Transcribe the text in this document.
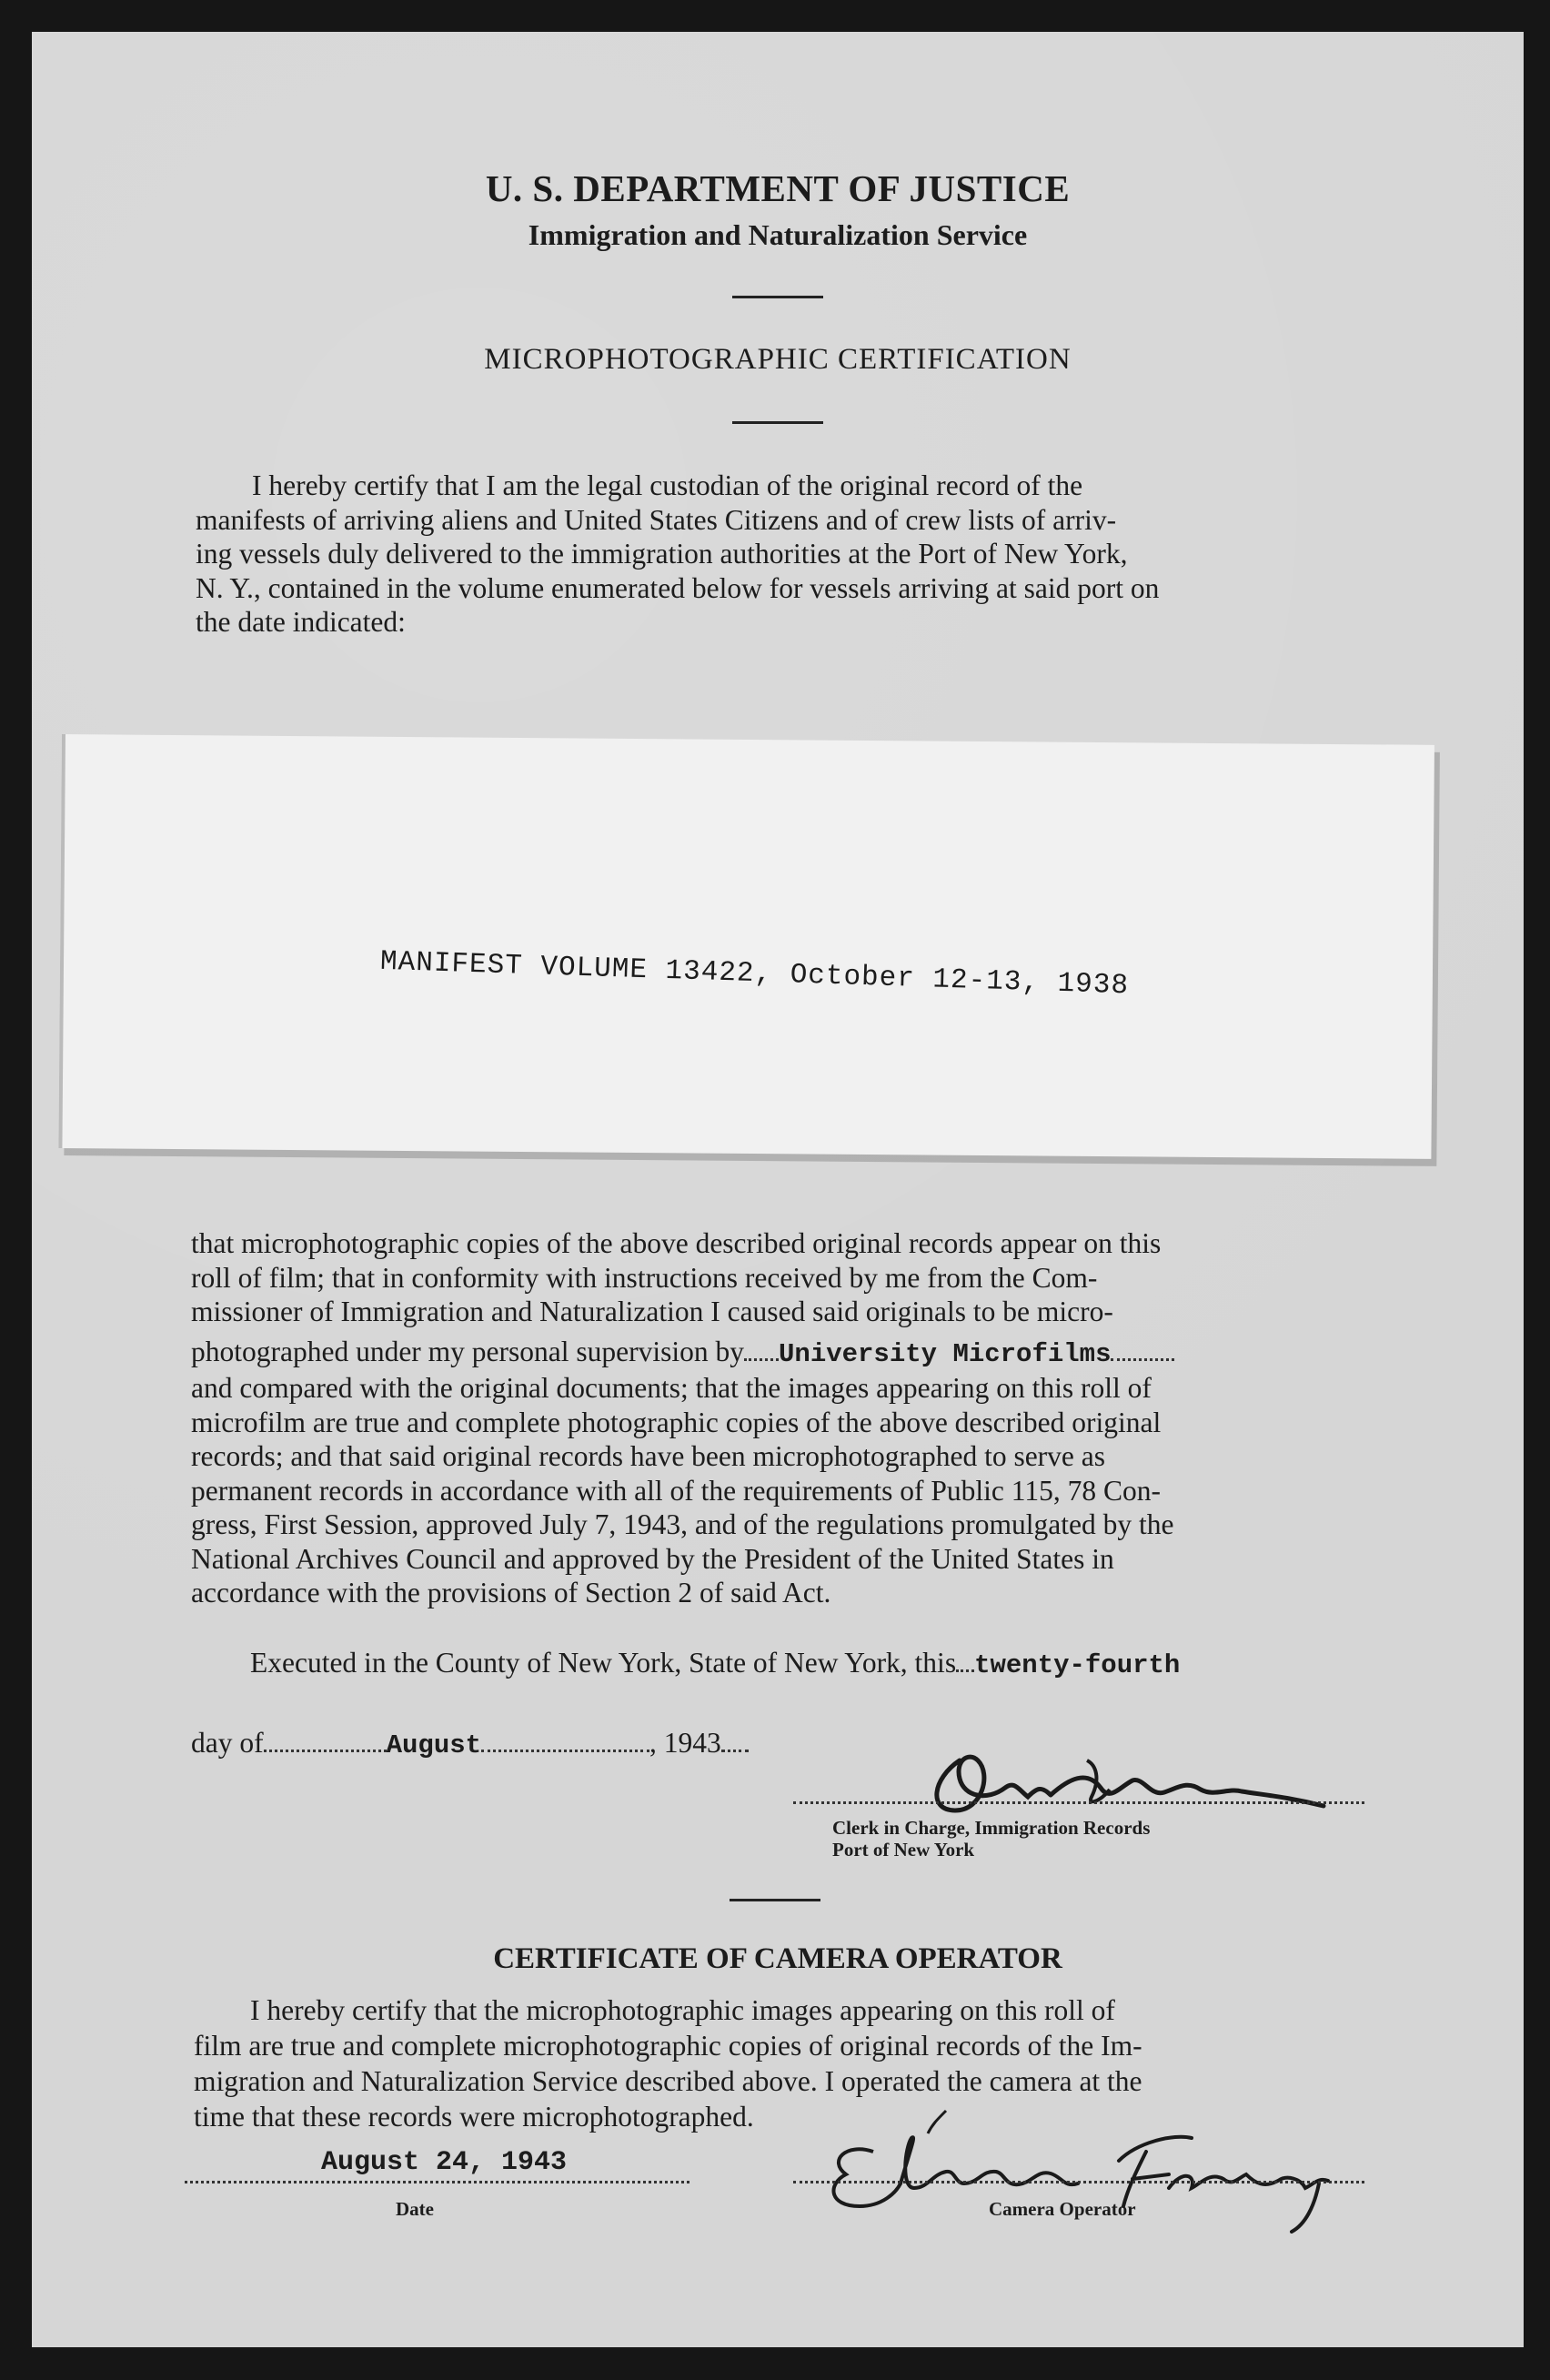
U. S. DEPARTMENT OF JUSTICE
Immigration and Naturalization Service
MICROPHOTOGRAPHIC CERTIFICATION

I hereby certify that I am the legal custodian of the original record of the

manifests of arriving aliens and United States Citizens and of crew lists of arriv-

ing vessels duly delivered to the immigration authorities at the Port of New York,

N. Y., contained in the volume enumerated below for vessels arriving at said port on

the date indicated:

MANIFEST VOLUME 13422, October 12-13, 1938

that microphotographic copies of the above described original records appear on this

roll of film; that in conformity with instructions received by me from the Com-

missioner of Immigration and Naturalization I caused said originals to be micro-

photographed under my personal supervision by University Microfilms

and compared with the original documents; that the images appearing on this roll of

microfilm are true and complete photographic copies of the above described original

records; and that said original records have been microphotographed to serve as

permanent records in accordance with all of the requirements of Public 115, 78 Con-

gress, First Session, approved July 7, 1943, and of the regulations promulgated by the

National Archives Council and approved by the President of the United States in

accordance with the provisions of Section 2 of said Act.

Executed in the County of New York, State of New York, this twenty-fourth
day of	August	, 1943
Clerk in Charge, Immigration Records
Port of New York
CERTIFICATE OF CAMERA OPERATOR

I hereby certify that the microphotographic images appearing on this roll of

film are true and complete microphotographic copies of original records of the Im-

migration and Naturalization Service described above. I operated the camera at the

time that these records were microphotographed.

August 24, 1943
Date	Camera Operator
